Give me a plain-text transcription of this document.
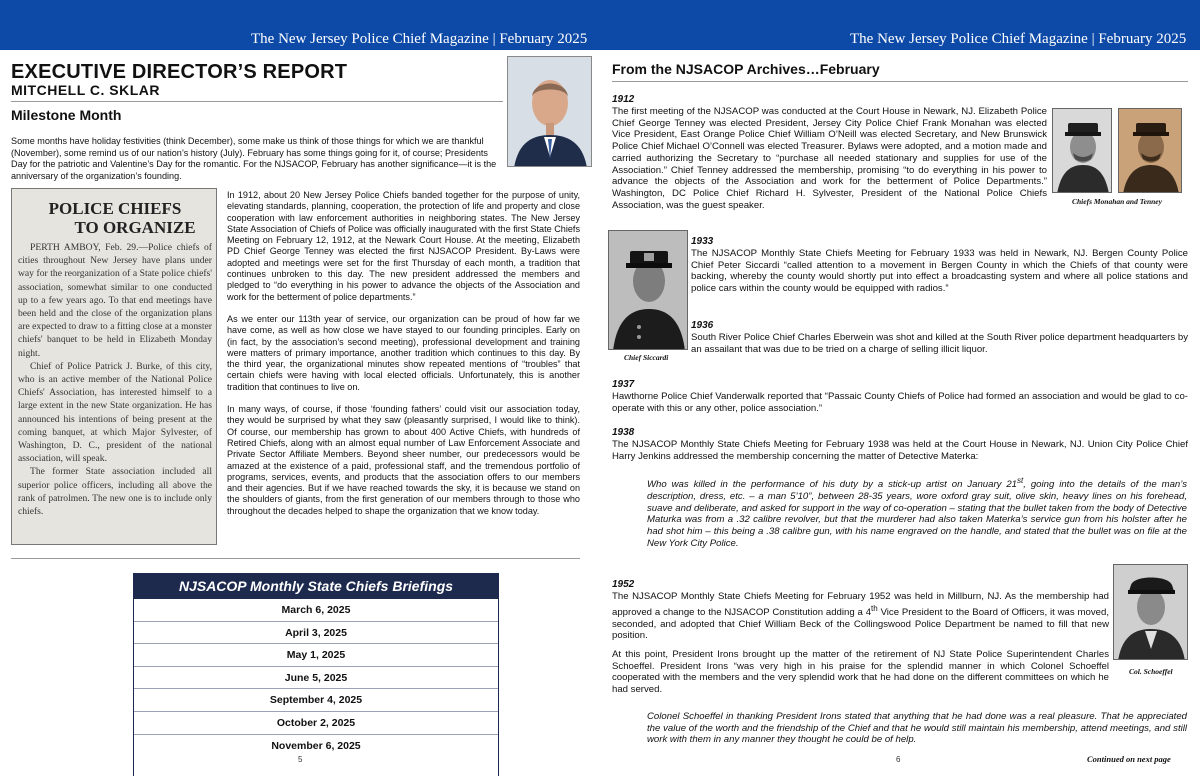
The New Jersey Police Chief Magazine | February 2025	The New Jersey Police Chief Magazine | February 2025
EXECUTIVE DIRECTOR’S REPORT
MITCHELL C. SKLAR
Milestone Month
Some months have holiday festivities (think December), some make us think of those things for which we are thankful (November), some remind us of our nation’s history (July). February has some things going for it, of course; Presidents Day for the patriotic and Valentine’s Day for the romantic. For the NJSACOP, February has another significance—it is the anniversary of the organization’s founding.
POLICE CHIEFS
TO ORGANIZE

PERTH AMBOY, Feb. 29.—Police chiefs of cities throughout New Jersey have plans under way for the reorganization of a State police chiefs' association, somewhat similar to one conducted up to a few years ago. To that end meetings have been held and the close of the organization plans are expected to draw to a fitting close at a monster chiefs' banquet to be held in Elizabeth Monday night.

Chief of Police Patrick J. Burke, of this city, who is an active member of the National Police Chiefs' Association, has interested himself to a large extent in the new State organization. He has announced his intentions of being present at the coming banquet, at which Major Sylvester, of Washington, D. C., president of the national association, will speak.

The former State association included all superior police officers, including all above the rank of patrolmen. The new one is to include only chiefs.

In 1912, about 20 New Jersey Police Chiefs banded together for the purpose of unity, elevating standards, planning, cooperation, the protection of life and property and close cooperation with law enforcement authorities in neighboring states. The New Jersey State Association of Chiefs of Police was officially inaugurated with the first State Chiefs Meeting on February 12, 1912, at the Newark Court House. At the meeting, Elizabeth PD Chief George Tenney was elected the first NJSACOP President. By-Laws were adopted and meetings were set for the first Thursday of each month, a tradition that continues unbroken to this day. The new president addressed the members and pledged to “do everything in his power to advance the objects of the Association and work for the betterment of police departments.”

As we enter our 113th year of service, our organization can be proud of how far we have come, as well as how close we have stayed to our founding principles. Early on (in fact, by the association’s second meeting), professional development and training were matters of primary importance, another tradition which continues to this day. By the third year, the organizational minutes show repeated mentions of “troubles” that certain chiefs were having with local elected officials. Unfortunately, this is another tradition that continues to live on.

In many ways, of course, if those ‘founding fathers’ could visit our association today, they would be surprised by what they saw (pleasantly surprised, I would like to think). Of course, our membership has grown to about 400 Active Chiefs, with hundreds of Retired Chiefs, along with an almost equal number of Law Enforcement Associate and Private Sector Affiliate Members. Beyond sheer number, our predecessors would be amazed at the existence of a paid, professional staff, and the tremendous portfolio of programs, services, events, and products that the association offers to our members and their agencies. But if we have reached towards the sky, it is because we stand on the shoulders of giants, from the first generation of our members through to those who throughout the decades helped to shape the organization that we know today.

NJSACOP Monthly State Chiefs Briefings
March 6, 2025
April 3, 2025
May 1, 2025
June 5, 2025
September 4, 2025
October 2, 2025
November 6, 2025
5
From the NJSACOP Archives…February
1912
The first meeting of the NJSACOP was conducted at the Court House in Newark, NJ. Elizabeth Police Chief George Tenney was elected President, Jersey City Police Chief Frank Monahan was elected Vice President, East Orange Police Chief William O’Neill was elected Secretary, and New Brunswick Police Chief Michael O’Connell was elected Treasurer. Bylaws were adopted, and a motion made and carried authorizing the Secretary to “purchase all needed stationary and supplies for use of the Association.” Chief Tenney addressed the membership, promising “to do everything in his power to advance the objects of the Association and work for the betterment of Police Departments.” Washington, DC Police Chief Richard H. Sylvester, President of the National Police Chiefs Association, was the guest speaker.	Chiefs Monahan and Tenney
Chief Siccardi
1933
The NJSACOP Monthly State Chiefs Meeting for February 1933 was held in Newark, NJ. Bergen County Police Chief Peter Siccardi “called attention to a movement in Bergen County in which the Chiefs of that county were backing, whereby the county would shortly put into effect a broadcasting system and where all police stations and police cars within the county would be equipped with radios.”
1936
South River Police Chief Charles Eberwein was shot and killed at the South River police department headquarters by an assailant that was due to be tried on a charge of selling illicit liquor.
1937
Hawthorne Police Chief Vanderwalk reported that “Passaic County Chiefs of Police had formed an association and would be glad to co-operate with this or any other, police association.”
1938
The NJSACOP Monthly State Chiefs Meeting for February 1938 was held at the Court House in Newark, NJ. Union City Police Chief Harry Jenkins addressed the membership concerning the matter of Detective Materka:
Who was killed in the performance of his duty by a stick-up artist on January 21st, going into the details of the man’s description, dress, etc. – a man 5’10”, between 28-35 years, wore oxford gray suit, olive skin, heavy lines on his forehead, suave and deliberate, and asked for support in the way of co-operation – stating that the bullet taken from the body of Detective Maturka was from a .32 calibre revolver, but that the murderer had also taken Materka’s service gun from his holster after he had shot him – this being a .38 calibre gun, with his name engraved on the handle, and stated that the bullet was on file at the New York City Police.
1952
The NJSACOP Monthly State Chiefs Meeting for February 1952 was held in Millburn, NJ. As the membership had approved a change to the NJSACOP Constitution adding a 4th Vice President to the Board of Officers, it was moved, seconded, and adopted that Chief William Beck of the Collingswood Police Department be named to fill that new position.
At this point, President Irons brought up the matter of the retirement of NJ State Police Superintendent Charles Schoeffel. President Irons “was very high in his praise for the splendid manner in which Colonel Schoeffel cooperated with the members and the very splendid work that he had done on the different committees on which he had served.
Colonel Schoeffel in thanking President Irons stated that anything that he had done was a real pleasure. That he appreciated the value of the worth and the friendship of the Chief and that he would still maintain his membership, attend meetings, and still work with them in any manner they thought he could be of help.
Col. Schoeffel
6	Continued on next page
